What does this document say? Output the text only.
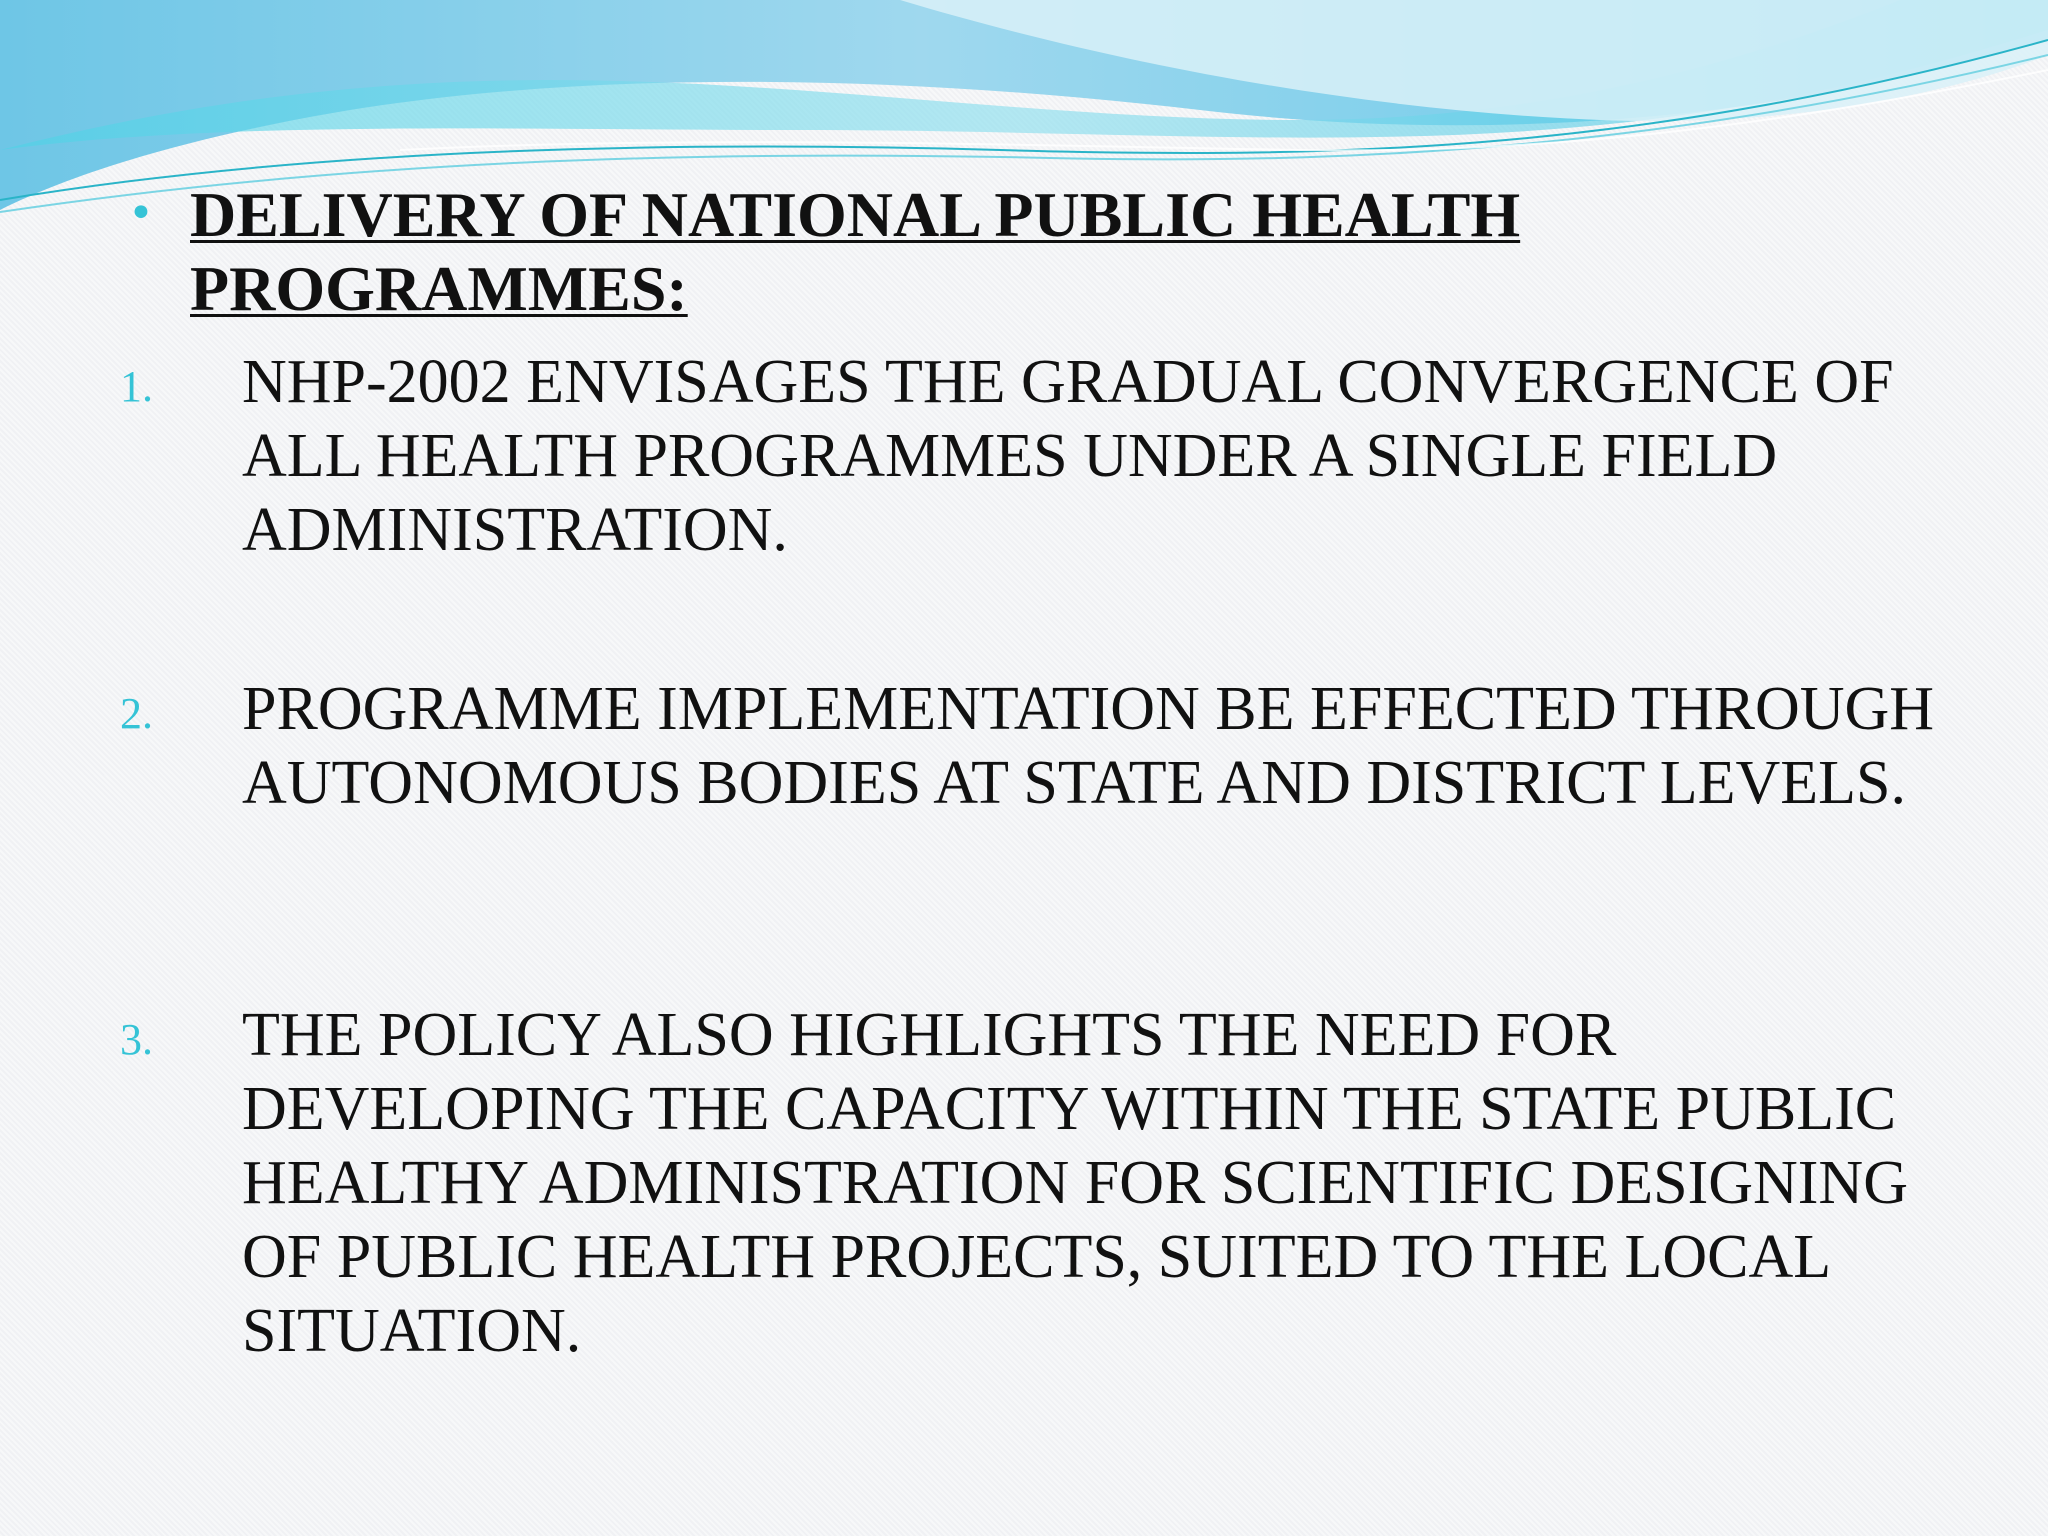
• DELIVERY OF NATIONAL PUBLIC HEALTH PROGRAMMES:
1.	NHP-2002 ENVISAGES THE GRADUAL CONVERGENCE OF ALL HEALTH PROGRAMMES UNDER A SINGLE FIELD ADMINISTRATION.
2.	PROGRAMME IMPLEMENTATION BE EFFECTED THROUGH AUTONOMOUS BODIES AT STATE AND DISTRICT LEVELS.
3.	THE POLICY ALSO HIGHLIGHTS THE NEED FOR DEVELOPING THE CAPACITY WITHIN THE STATE PUBLIC HEALTHY ADMINISTRATION FOR SCIENTIFIC DESIGNING OF PUBLIC HEALTH PROJECTS, SUITED TO THE LOCAL SITUATION.
